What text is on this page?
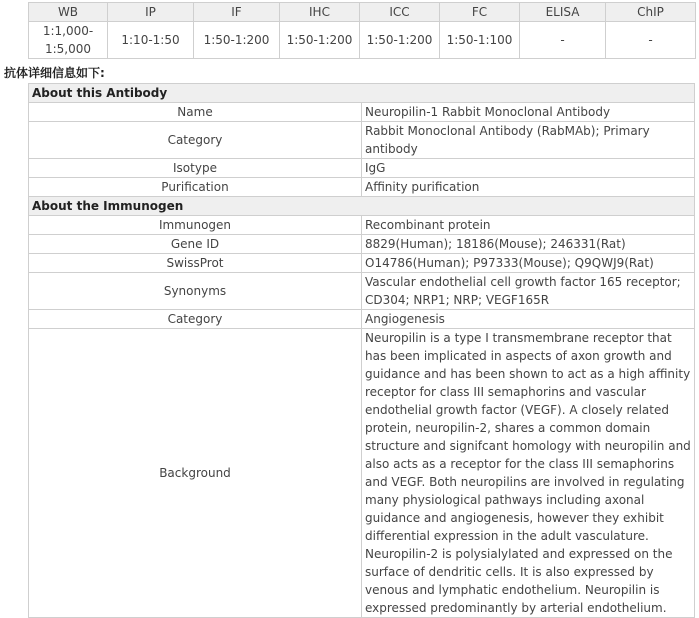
WB	IP	IF	IHC	ICC	FC	ELISA	ChIP
1:1,000-1:5,000	1:10-1:50	1:50-1:200	1:50-1:200	1:50-1:200	1:50-1:100	-	-
抗体详细信息如下:
About this Antibody	
Name	Neuropilin-1 Rabbit Monoclonal Antibody
Category	Rabbit Monoclonal Antibody (RabMAb); Primary antibody
Isotype	IgG
Purification	Affinity purification
About the Immunogen	
Immunogen	Recombinant protein
Gene ID	8829(Human); 18186(Mouse); 246331(Rat)
SwissProt	O14786(Human); P97333(Mouse); Q9QWJ9(Rat)
Synonyms	Vascular endothelial cell growth factor 165 receptor; CD304; NRP1; NRP; VEGF165R
Category	Angiogenesis
Background	Neuropilin is a type I transmembrane receptor that has been implicated in aspects of axon growth and guidance and has been shown to act as a high affinity receptor for class III semaphorins and vascular endothelial growth factor (VEGF). A closely related protein, neuropilin-2, shares a common domain structure and signifcant homology with neuropilin and also acts as a receptor for the class III semaphorins and VEGF. Both neuropilins are involved in regulating many physiological pathways including axonal guidance and angiogenesis, however they exhibit differential expression in the adult vasculature. Neuropilin-2 is polysialylated and expressed on the surface of dendritic cells. It is also expressed by venous and lymphatic endothelium. Neuropilin is expressed predominantly by arterial endothelium.
